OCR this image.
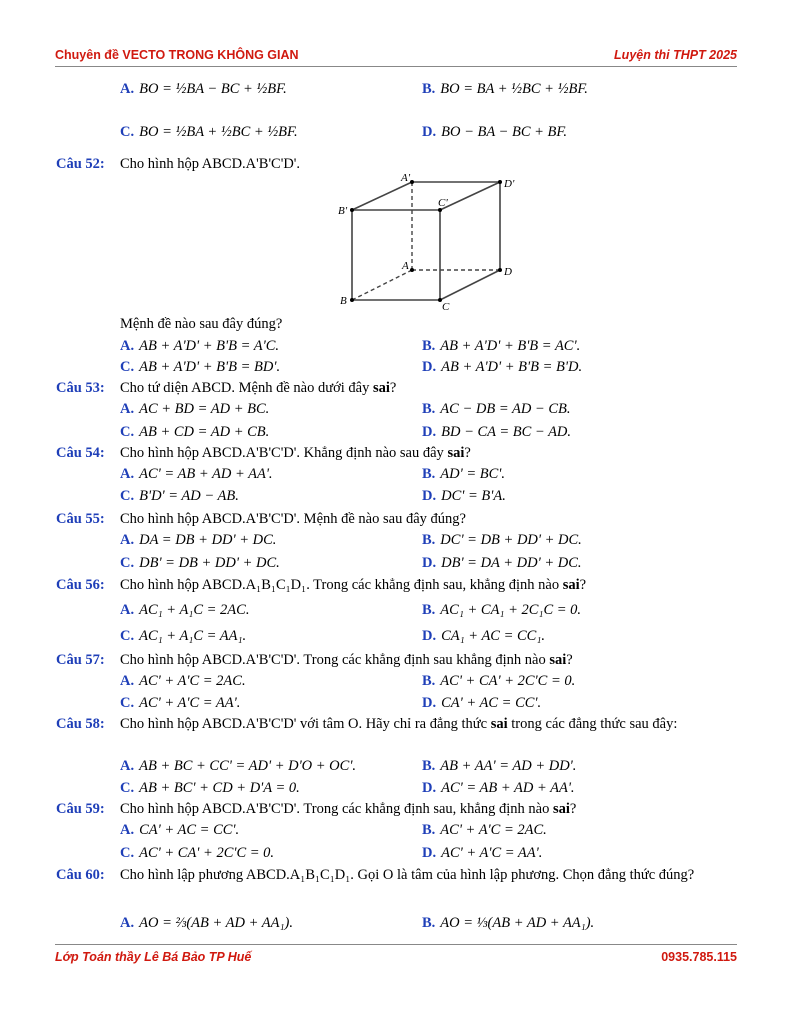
Chuyên đề VECTO TRONG KHÔNG GIAN	Luyện thi THPT 2025
A. BO = ½BA − BC + ½BF.	B. BO = BA + ½BC + ½BF.
C. BO = ½BA + ½BC + ½BF.	D. BO − BA − BC + BF.
Câu 52: Cho hình hộp ABCD.A'B'C'D'.
A'	D'
B'
C'
A	D
B	C
Mệnh đề nào sau đây đúng?
A. AB + A'D' + B'B = A'C.	B. AB + A'D' + B'B = AC'.
C. AB + A'D' + B'B = BD'.	D. AB + A'D' + B'B = B'D.
Câu 53: Cho tứ diện ABCD. Mệnh đề nào dưới đây sai?
A. AC + BD = AD + BC.	B. AC − DB = AD − CB.
C. AB + CD = AD + CB.	D. BD − CA = BC − AD.
Câu 54: Cho hình hộp ABCD.A'B'C'D'. Khẳng định nào sau đây sai?
A. AC' = AB + AD + AA'.	B. AD' = BC'.
C. B'D' = AD − AB.	D. DC' = B'A.
Câu 55: Cho hình hộp ABCD.A'B'C'D'. Mệnh đề nào sau đây đúng?
A. DA = DB + DD' + DC.	B. DC' = DB + DD' + DC.
C. DB' = DB + DD' + DC.	D. DB' = DA + DD' + DC.
Câu 56: Cho hình hộp ABCD.A₁B₁C₁D₁. Trong các khẳng định sau, khẳng định nào sai?
A. AC₁ + A₁C = 2AC.	B. AC₁ + CA₁ + 2C₁C = 0.
C. AC₁ + A₁C = AA₁.	D. CA₁ + AC = CC₁.
Câu 57: Cho hình hộp ABCD.A'B'C'D'. Trong các khẳng định sau khẳng định nào sai?
A. AC' + A'C = 2AC.	B. AC' + CA' + 2C'C = 0.
C. AC' + A'C = AA'.	D. CA' + AC = CC'.
Câu 58: Cho hình hộp ABCD.A'B'C'D' với tâm O. Hãy chỉ ra đẳng thức sai trong các đẳng thức sau đây:
A. AB + BC + CC' = AD' + D'O + OC'.	B. AB + AA' = AD + DD'.
C. AB + BC' + CD + D'A = 0.	D. AC' = AB + AD + AA'.
Câu 59: Cho hình hộp ABCD.A'B'C'D'. Trong các khẳng định sau, khẳng định nào sai?
A. CA' + AC = CC'.	B. AC' + A'C = 2AC.
C. AC' + CA' + 2C'C = 0.	D. AC' + A'C = AA'.
Câu 60: Cho hình lập phương ABCD.A₁B₁C₁D₁. Gọi O là tâm của hình lập phương. Chọn đẳng thức đúng?
A. AO = ⅔(AB + AD + AA₁).	B. AO = ⅓(AB + AD + AA₁).
Lớp Toán thầy Lê Bá Bảo TP Huế	0935.785.115
